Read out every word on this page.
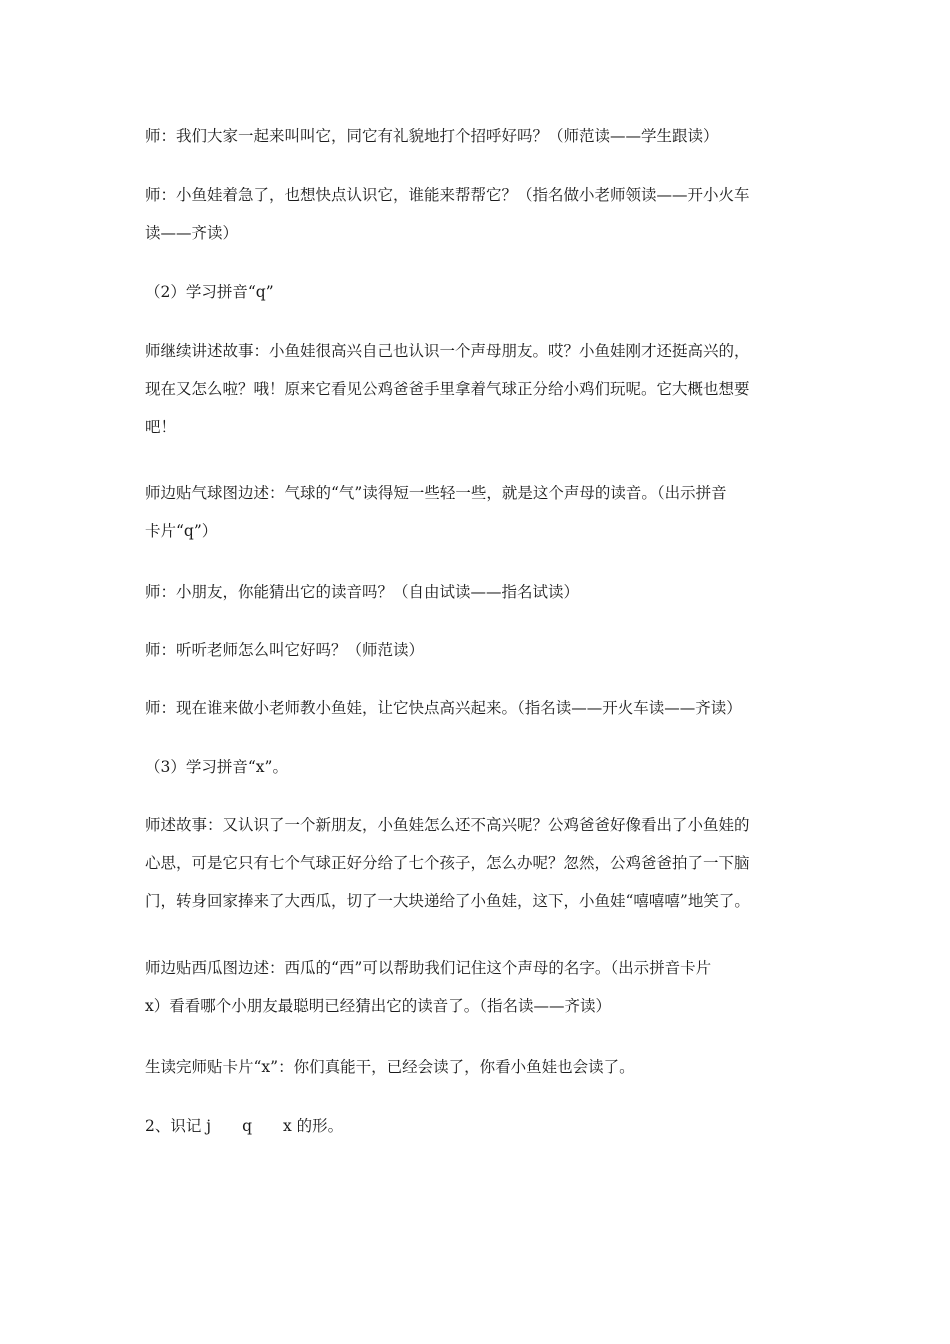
师：我们大家一起来叫叫它，同它有礼貌地打个招呼好吗？（师范读——学生跟读）

师：小鱼娃着急了，也想快点认识它，谁能来帮帮它？（指名做小老师领读——开小火车
读——齐读）

（2）学习拼音“q”

师继续讲述故事：小鱼娃很高兴自己也认识一个声母朋友。哎？小鱼娃刚才还挺高兴的，
现在又怎么啦？哦！原来它看见公鸡爸爸手里拿着气球正分给小鸡们玩呢。它大概也想要
吧！

师边贴气球图边述：气球的“气”读得短一些轻一些，就是这个声母的读音。（出示拼音
卡片“q”）

师：小朋友，你能猜出它的读音吗？（自由试读——指名试读）

师：听听老师怎么叫它好吗？（师范读）

师：现在谁来做小老师教小鱼娃，让它快点高兴起来。（指名读——开火车读——齐读）

（3）学习拼音“x”。

师述故事：又认识了一个新朋友，小鱼娃怎么还不高兴呢？公鸡爸爸好像看出了小鱼娃的
心思，可是它只有七个气球正好分给了七个孩子，怎么办呢？忽然，公鸡爸爸拍了一下脑
门，转身回家捧来了大西瓜，切了一大块递给了小鱼娃，这下，小鱼娃“嘻嘻嘻”地笑了。

师边贴西瓜图边述：西瓜的“西”可以帮助我们记住这个声母的名字。（出示拼音卡片
x）看看哪个小朋友最聪明已经猜出它的读音了。（指名读——齐读）

生读完师贴卡片“x”：你们真能干，已经会读了，你看小鱼娃也会读了。

2、识记 j　　q　　x 的形。
